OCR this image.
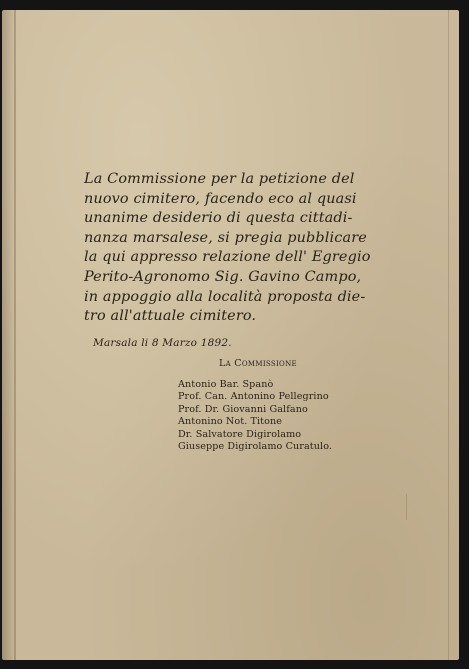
La Commissione per la petizione del
nuovo cimitero, facendo eco al quasi
unanime desiderio di questa cittadi-
nanza marsalese, si pregia pubblicare
la qui appresso relazione dell' Egregio
Perito-Agronomo Sig. Gavino Campo,
in appoggio alla località proposta die-
tro all'attuale cimitero.

Marsala li 8 Marzo 1892.
La Commissione
Antonio Bar. Spanò
Prof. Can. Antonino Pellegrino
Prof. Dr. Giovanni Galfano
Antonino Not. Titone
Dr. Salvatore Digirolamo
Giuseppe Digirolamo Curatulo.
